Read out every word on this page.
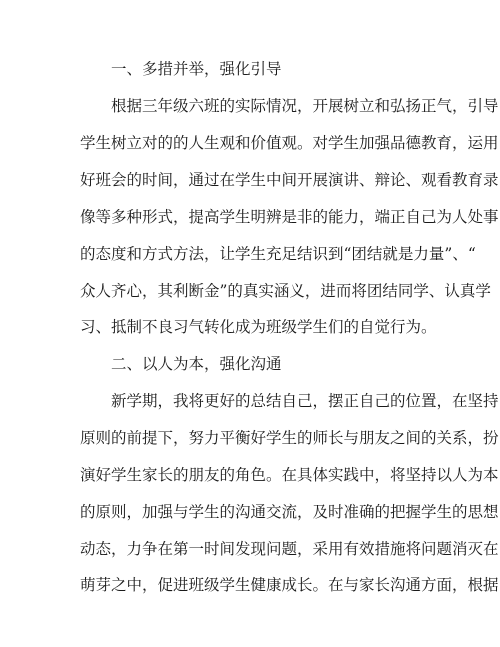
　　一、多措并举，强化引导
　　根据三年级六班的实际情况，开展树立和弘扬正气，引导
学生树立对的的人生观和价值观。对学生加强品德教育，运用
好班会的时间，通过在学生中间开展演讲、辩论、观看教育录
像等多种形式，提高学生明辨是非的能力，端正自己为人处事
的态度和方式方法，让学生充足结识到“团结就是力量”、“
众人齐心，其利断金”的真实涵义，进而将团结同学、认真学
习、抵制不良习气转化成为班级学生们的自觉行为。
　　二、以人为本，强化沟通
　　新学期，我将更好的总结自己，摆正自己的位置，在坚持
原则的前提下，努力平衡好学生的师长与朋友之间的关系，扮
演好学生家长的朋友的角色。在具体实践中，将坚持以人为本
的原则，加强与学生的沟通交流，及时准确的把握学生的思想
动态，力争在第一时间发现问题，采用有效措施将问题消灭在
萌芽之中，促进班级学生健康成长。在与家长沟通方面，根据
